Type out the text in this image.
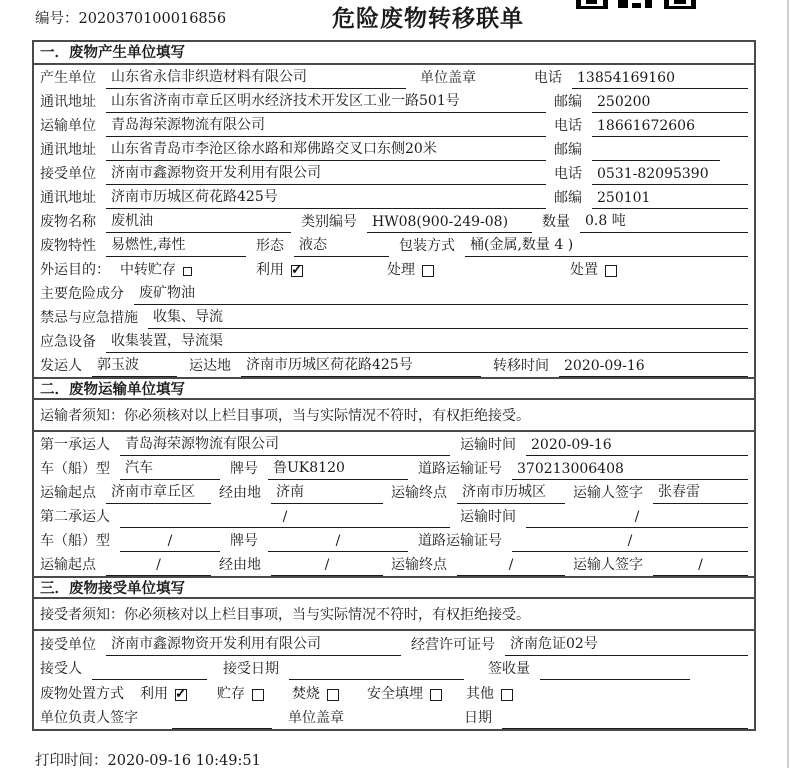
编号：2020370100016856	危险废物转移联单
一．废物产生单位填写
产生单位	山东省永信非织造材料有限公司	单位盖章	电话	13854169160
通讯地址	山东省济南市章丘区明水经济技术开发区工业一路501号	邮编	250200
运输单位	青岛海荣源物流有限公司	电话	18661672606
通讯地址	山东省青岛市李沧区徐水路和郑佛路交叉口东侧20米	邮编
接受单位	济南市鑫源物资开发利用有限公司	电话	0531-82095390
通讯地址	济南市历城区荷花路425号	邮编	250101
废物名称	废机油	类别编号	HW08(900-249-08)	数量	0.8 吨
废物特性	易燃性,毒性	形态	液态	包装方式	桶(金属,数量 4 )
外运目的： 中转贮存	利用 ✓	处理	处置
主要危险成分	废矿物油
禁忌与应急措施	收集、导流
应急设备	收集装置，导流渠
发运人	郭玉波	运达地	济南市历城区荷花路425号	转移时间	2020-09-16
二．废物运输单位填写
运输者须知：你必须核对以上栏目事项，当与实际情况不符时，有权拒绝接受。
第一承运人	青岛海荣源物流有限公司	运输时间	2020-09-16
车（船）型	汽车	牌号	鲁UK8120	道路运输证号	370213006408
运输起点	济南市章丘区	经由地	济南	运输终点	济南市历城区	运输人签字	张春雷
第二承运人	/	运输时间	/
车（船）型	/	牌号	/	道路运输证号	/
运输起点	/	经由地	/	运输终点	/	运输人签字	/
三．废物接受单位填写
接受者须知：你必须核对以上栏目事项，当与实际情况不符时，有权拒绝接受。
接受单位	济南市鑫源物资开发利用有限公司	经营许可证号	济南危证02号
接受人	接受日期	签收量
废物处置方式 利用 ✓	贮存	焚烧	安全填埋	其他
单位负责人签字	单位盖章	日期
打印时间：2020-09-16 10:49:51
